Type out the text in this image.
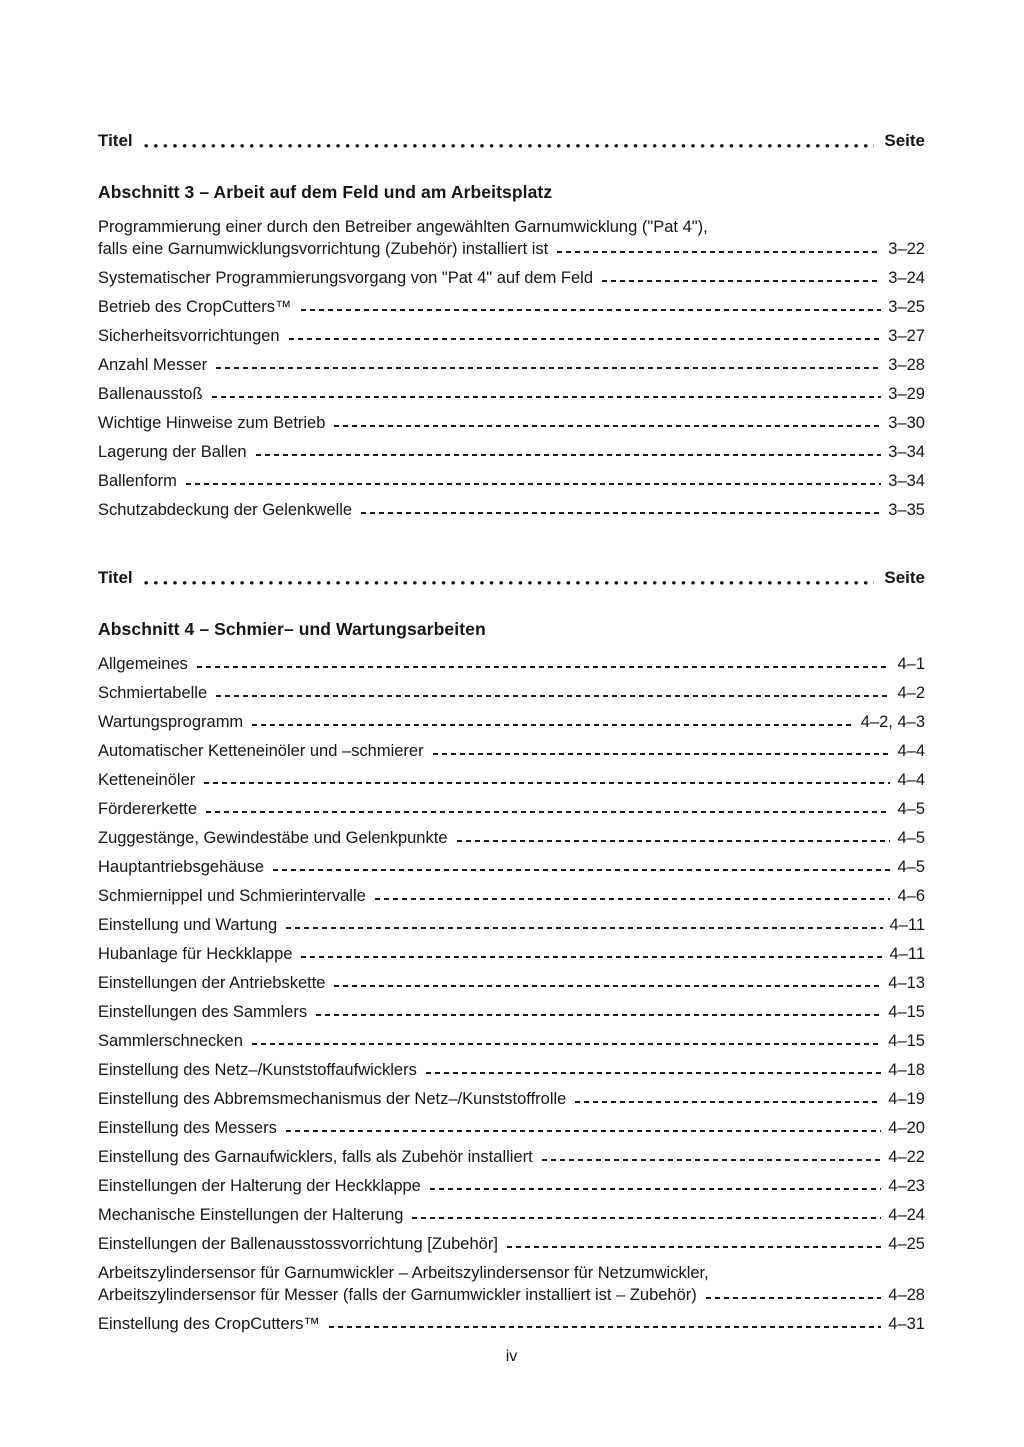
Titel	Seite
Abschnitt 3 – Arbeit auf dem Feld und am Arbeitsplatz
Programmierung einer durch den Betreiber angewählten Garnumwicklung ("Pat 4"),
falls eine Garnumwicklungsvorrichtung (Zubehör) installiert ist	3–22
Systematischer Programmierungsvorgang von "Pat 4" auf dem Feld	3–24
Betrieb des CropCutters™	3–25
Sicherheitsvorrichtungen	3–27
Anzahl Messer	3–28
Ballenausstoß	3–29
Wichtige Hinweise zum Betrieb	3–30
Lagerung der Ballen	3–34
Ballenform	3–34
Schutzabdeckung der Gelenkwelle	3–35
Titel	Seite
Abschnitt 4 – Schmier– und Wartungsarbeiten
Allgemeines	4–1
Schmiertabelle	4–2
Wartungsprogramm	4–2, 4–3
Automatischer Ketteneinöler und –schmierer	4–4
Ketteneinöler	4–4
Fördererkette	4–5
Zuggestänge, Gewindestäbe und Gelenkpunkte	4–5
Hauptantriebsgehäuse	4–5
Schmiernippel und Schmierintervalle	4–6
Einstellung und Wartung	4–11
Hubanlage für Heckklappe	4–11
Einstellungen der Antriebskette	4–13
Einstellungen des Sammlers	4–15
Sammlerschnecken	4–15
Einstellung des Netz–/Kunststoffaufwicklers	4–18
Einstellung des Abbremsmechanismus der Netz–/Kunststoffrolle	4–19
Einstellung des Messers	4–20
Einstellung des Garnaufwicklers, falls als Zubehör installiert	4–22
Einstellungen der Halterung der Heckklappe	4–23
Mechanische Einstellungen der Halterung	4–24
Einstellungen der Ballenausstossvorrichtung [Zubehör]	4–25
Arbeitszylindersensor für Garnumwickler – Arbeitszylindersensor für Netzumwickler,
Arbeitszylindersensor für Messer (falls der Garnumwickler installiert ist – Zubehör)	4–28
Einstellung des CropCutters™	4–31
iv
